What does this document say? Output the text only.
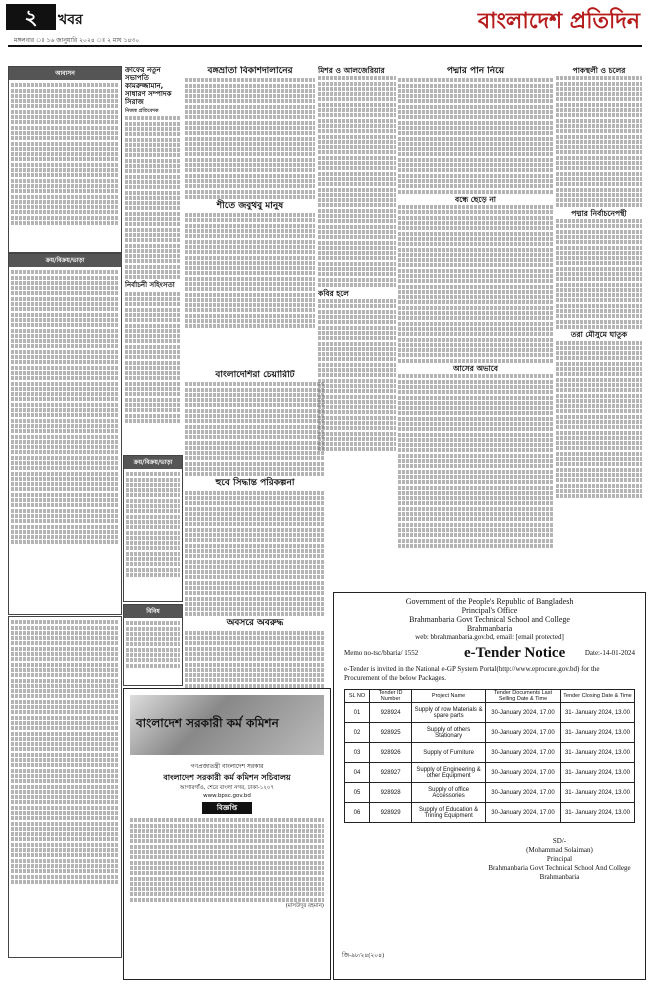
২	খবর
মঙ্গলবার ঃ ১৬ জানুয়ারি ২০২৪ ঃ ২ মাঘ ১৪৩০
বাংলাদেশ প্রতিদিন
আবাসন
ক্রয়/বিক্রয়/ভাড়া
ক্রয়/বিক্রয়/ভাড়া
বিবিধ
ক্রাফের নতুন সভাপতি কামরুজ্জামান, সাধারণ সম্পাদক সিরাজ
নিজস্ব প্রতিবেদক
নির্বাচনী সহিংসতা
বঙ্গভ্রাতা বিকাশদালানের
শীতে জবুথবু মানুষ
বাংলাদেশিরা চেয়ারিটি
হুবে সিদ্ধান্ত পরিকল্পনা
অবসরে অবরুদ্ধ
মিশর ও আলজেরিয়ার
কবির হলে
পদ্মার পান নিয়ে
বন্ধে ছেড়ে না
আসের অভাবে
পাকস্থলী ও চলের
পদ্মার নির্বাচনেপন্থী
তরা মৌসুমে ঘাতুক
বাংলাদেশ সরকারী কর্ম কমিশন
গণপ্রজাতন্ত্রী বাংলাদেশ সরকার
বাংলাদেশ সরকারী কর্ম কমিশন সচিবালয়
আগারগাঁও, শেরে বাংলা নগর, ঢাকা-১২০৭
www.bpsc.gov.bd
বিজ্ঞপ্তি
(মাসউদুর রহমান)
Government of the People's Republic of Bangladesh
Principal's Office
Brahmanbaria Govt Technical School and College
Brahmanbaria
web: bbrahmanbaria.gov.bd, email: [email protected]
Memo no-tsc/bbaria/ 1552	e-Tender Notice	Date:-14-01-2024
e-Tender is invited in the National e-GP System Portal(http://www.eprocure.gov.bd) for the Procurement of the below Packages.
SL NO	Tender ID Number	Project Name	Tender Documents Last Selling Date & Time	Tender Closing Date & Time
01	928924	Supply of row Materials & spare parts	30-January 2024, 17.00	31- January 2024, 13.00
02	928925	Supply of others Stationary	30-January 2024, 17.00	31- January 2024, 13.00
03	928926	Supply of Furniture	30-January 2024, 17.00	31- January 2024, 13.00
04	928927	Supply of Engineering & other Equipment	30-January 2024, 17.00	31- January 2024, 13.00
05	928928	Supply of office Accessories	30-January 2024, 17.00	31- January 2024, 13.00
06	928929	Supply of Education & Trining Equipment	30-January 2024, 17.00	31- January 2024, 13.00
SD/-
(Mohammad Solaiman)
Principal
Brahmanbaria Govt Technical School And College
Brahmanbaria
জি-৯৮/২৪(২০৪)
